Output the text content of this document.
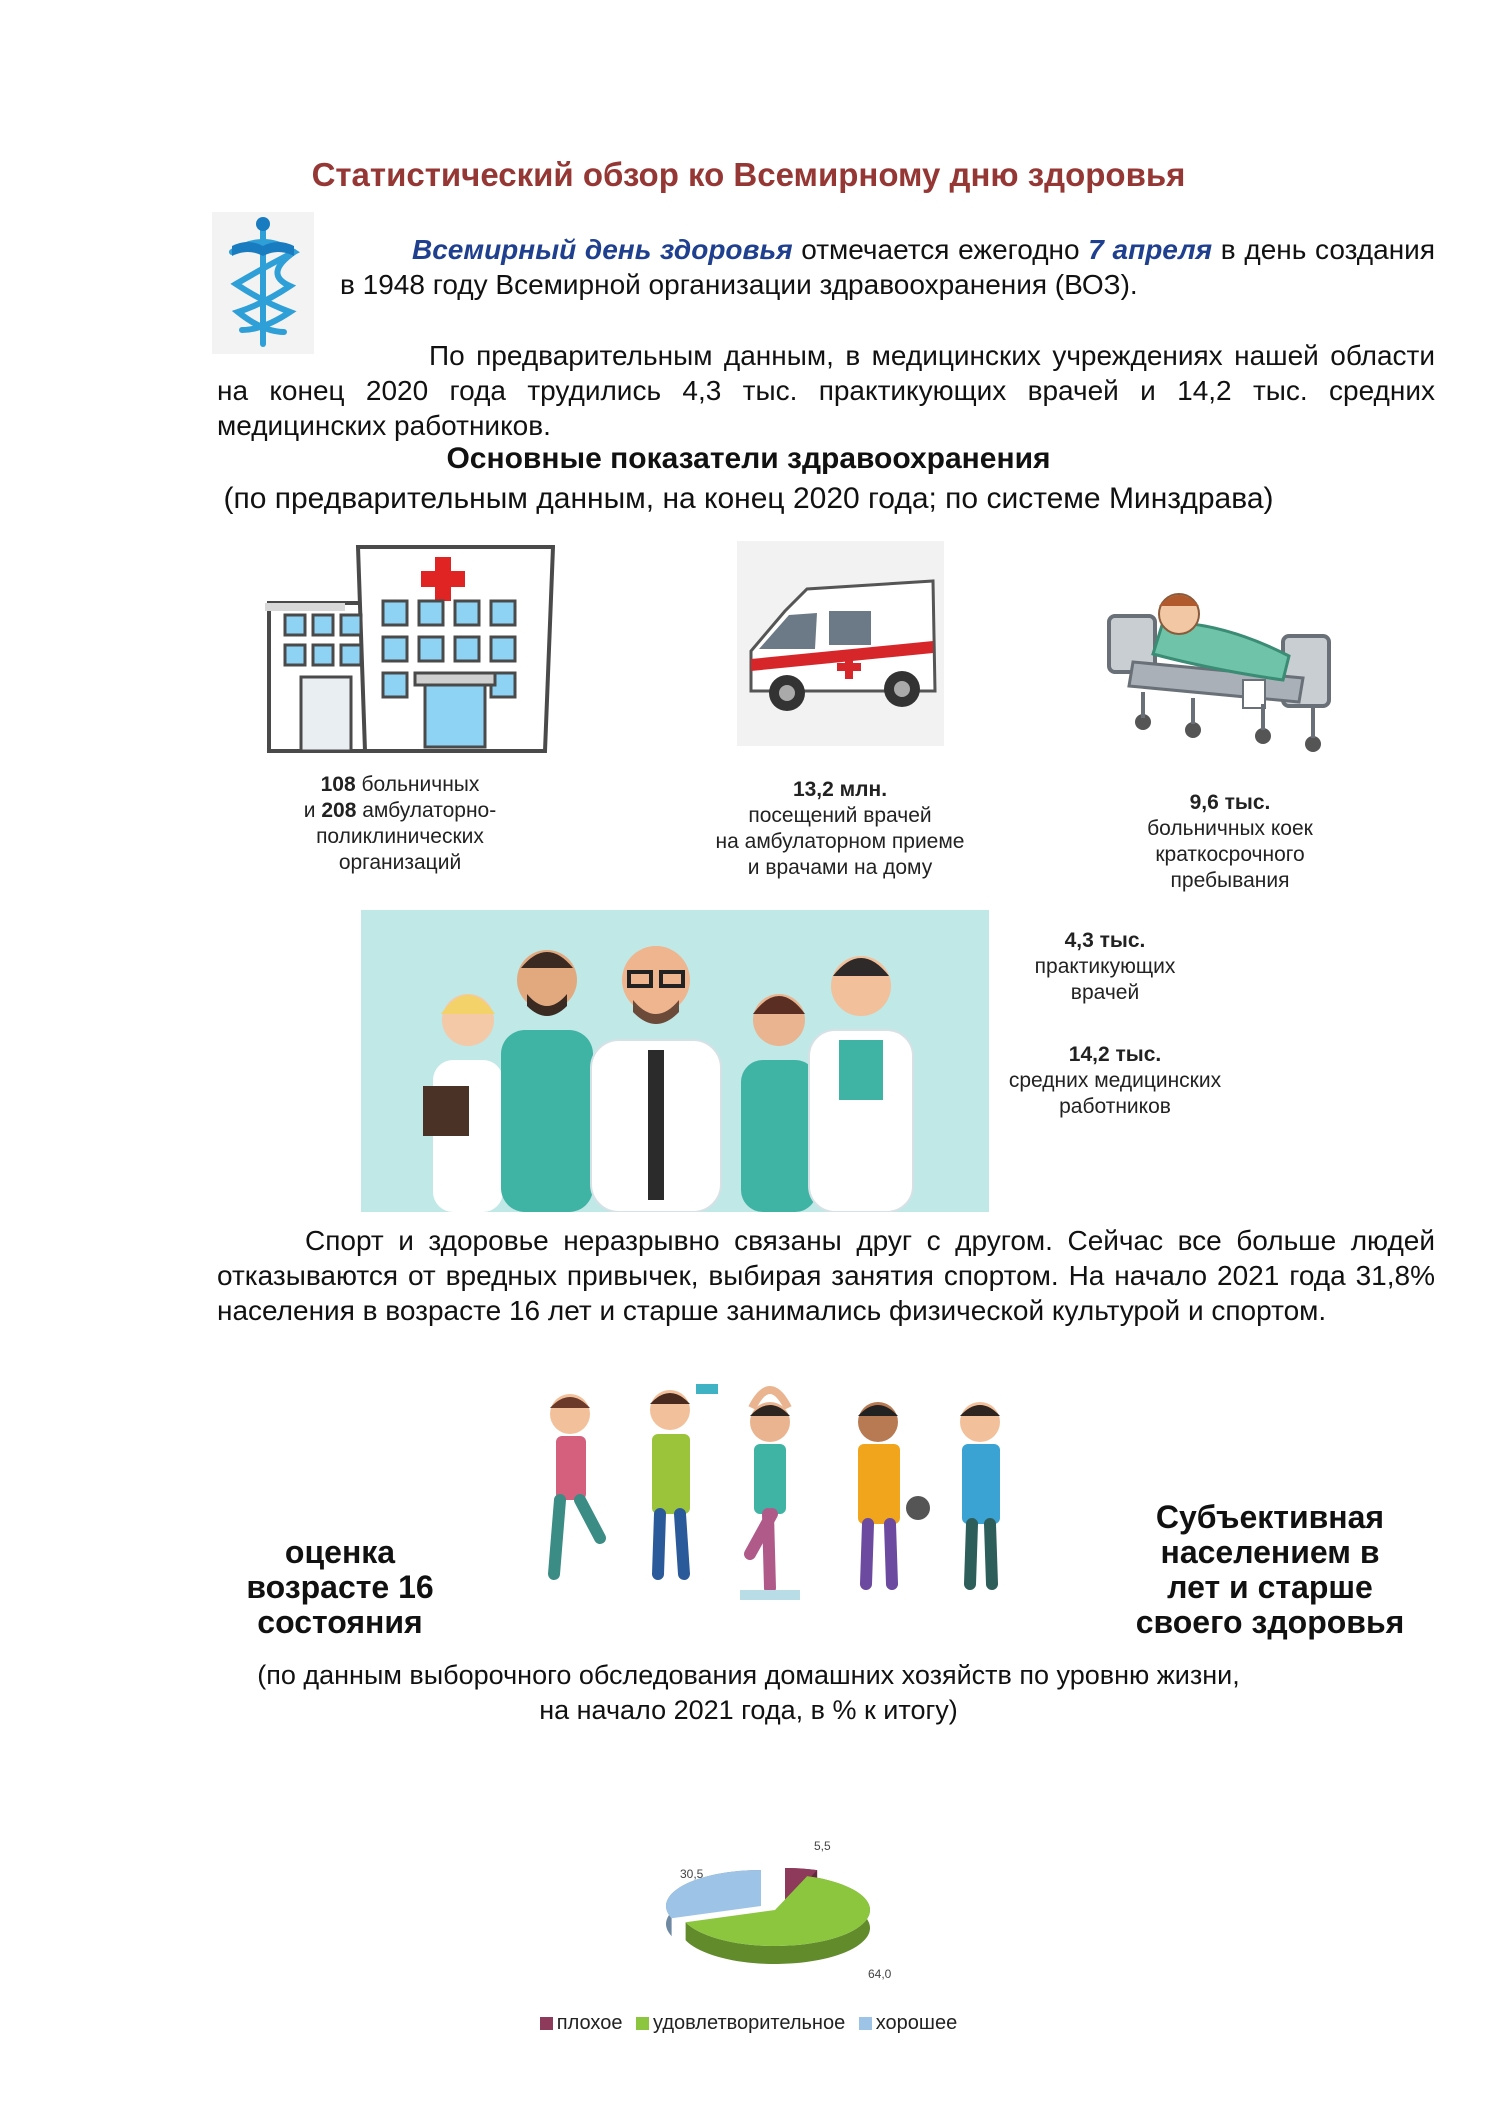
Статистический обзор ко Всемирному дню здоровья
Всемирный день здоровья отмечается ежегодно 7 апреля в день создания в 1948 году Всемирной организации здравоохранения (ВОЗ).
По предварительным данным, в медицинских учреждениях нашей области на конец 2020 года трудились 4,3 тыс. практикующих врачей и 14,2 тыс. средних медицинских работников.
Основные показатели здравоохранения
(по предварительным данным, на конец 2020 года; по системе Минздрава)
108 больничных
и 208 амбулаторно-
поликлинических
организаций
13,2 млн.
посещений врачей
на амбулаторном приеме
и врачами на дому
9,6 тыс.
больничных коек
краткосрочного
пребывания
4,3 тыс.
практикующих
врачей
14,2 тыс.
средних медицинских
работников
Спорт и здоровье неразрывно связаны друг с другом. Сейчас все больше людей отказываются от вредных привычек, выбирая занятия спортом. На начало 2021 года 31,8% населения в возрасте 16 лет и старше занимались физической культурой и спортом.
оценка
возрасте 16
состояния
Субъективная
населением в
лет и старше
своего здоровья
(по данным выборочного обследования домашних хозяйств по уровню жизни,
на начало 2021 года, в % к итогу)
5,5
64,0
30,5
плохое удовлетворительное хорошее
